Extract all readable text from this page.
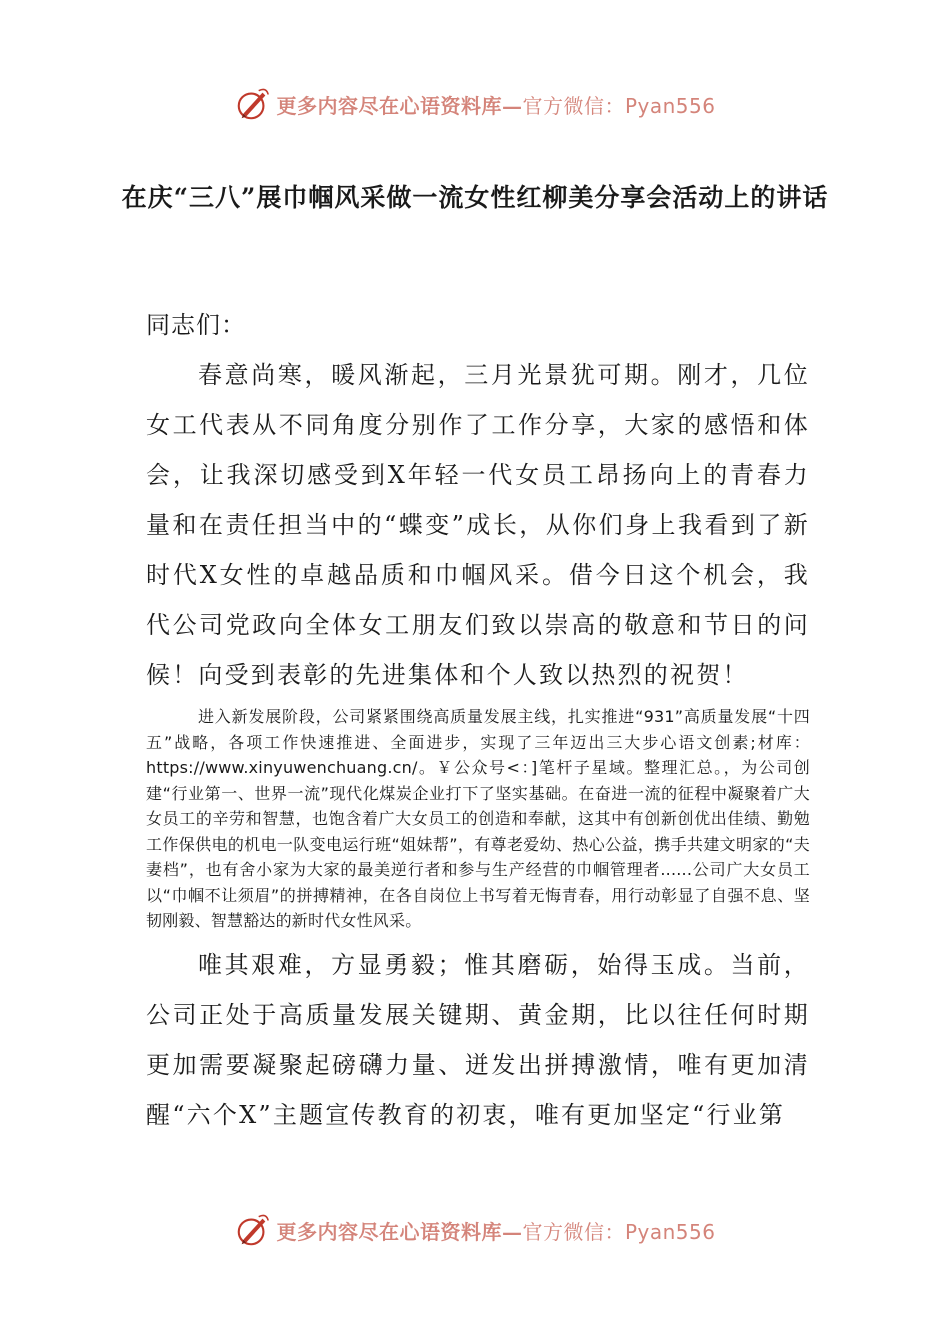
更多内容尽在心语资料库—官方微信：Pyan556
在庆“三八”展巾帼风采做一流女性红柳美分享会活动上的讲话

同志们：

春意尚寒，暖风渐起，三月光景犹可期。刚才，几位女工代表从不同角度分别作了工作分享，大家的感悟和体会，让我深切感受到X年轻一代女员工昂扬向上的青春力量和在责任担当中的“蝶变”成长，从你们身上我看到了新时代X女性的卓越品质和巾帼风采。借今日这个机会，我代公司党政向全体女工朋友们致以崇高的敬意和节日的问候！向受到表彰的先进集体和个人致以热烈的祝贺！

进入新发展阶段，公司紧紧围绕高质量发展主线，扎实推进“931”高质量发展“十四五”战略，各项工作快速推进、全面进步，实现了三年迈出三大步心语文创素;材库：https://www.xinyuwenchuang.cn/。￥公众号<：]笔杆子星域。整理汇总。，为公司创建“行业第一、世界一流”现代化煤炭企业打下了坚实基础。在奋进一流的征程中凝聚着广大女员工的辛劳和智慧，也饱含着广大女员工的创造和奉献，这其中有创新创优出佳绩、勤勉工作保供电的机电一队变电运行班“姐妹帮”，有尊老爱幼、热心公益，携手共建文明家的“夫妻档”，也有舍小家为大家的最美逆行者和参与生产经营的巾帼管理者......公司广大女员工以“巾帼不让须眉”的拼搏精神，在各自岗位上书写着无悔青春，用行动彰显了自强不息、坚韧刚毅、智慧豁达的新时代女性风采。

唯其艰难，方显勇毅；惟其磨砺，始得玉成。当前，公司正处于高质量发展关键期、黄金期，比以往任何时期更加需要凝聚起磅礴力量、迸发出拼搏激情，唯有更加清醒“六个X”主题宣传教育的初衷，唯有更加坚定“行业第

更多内容尽在心语资料库—官方微信：Pyan556
